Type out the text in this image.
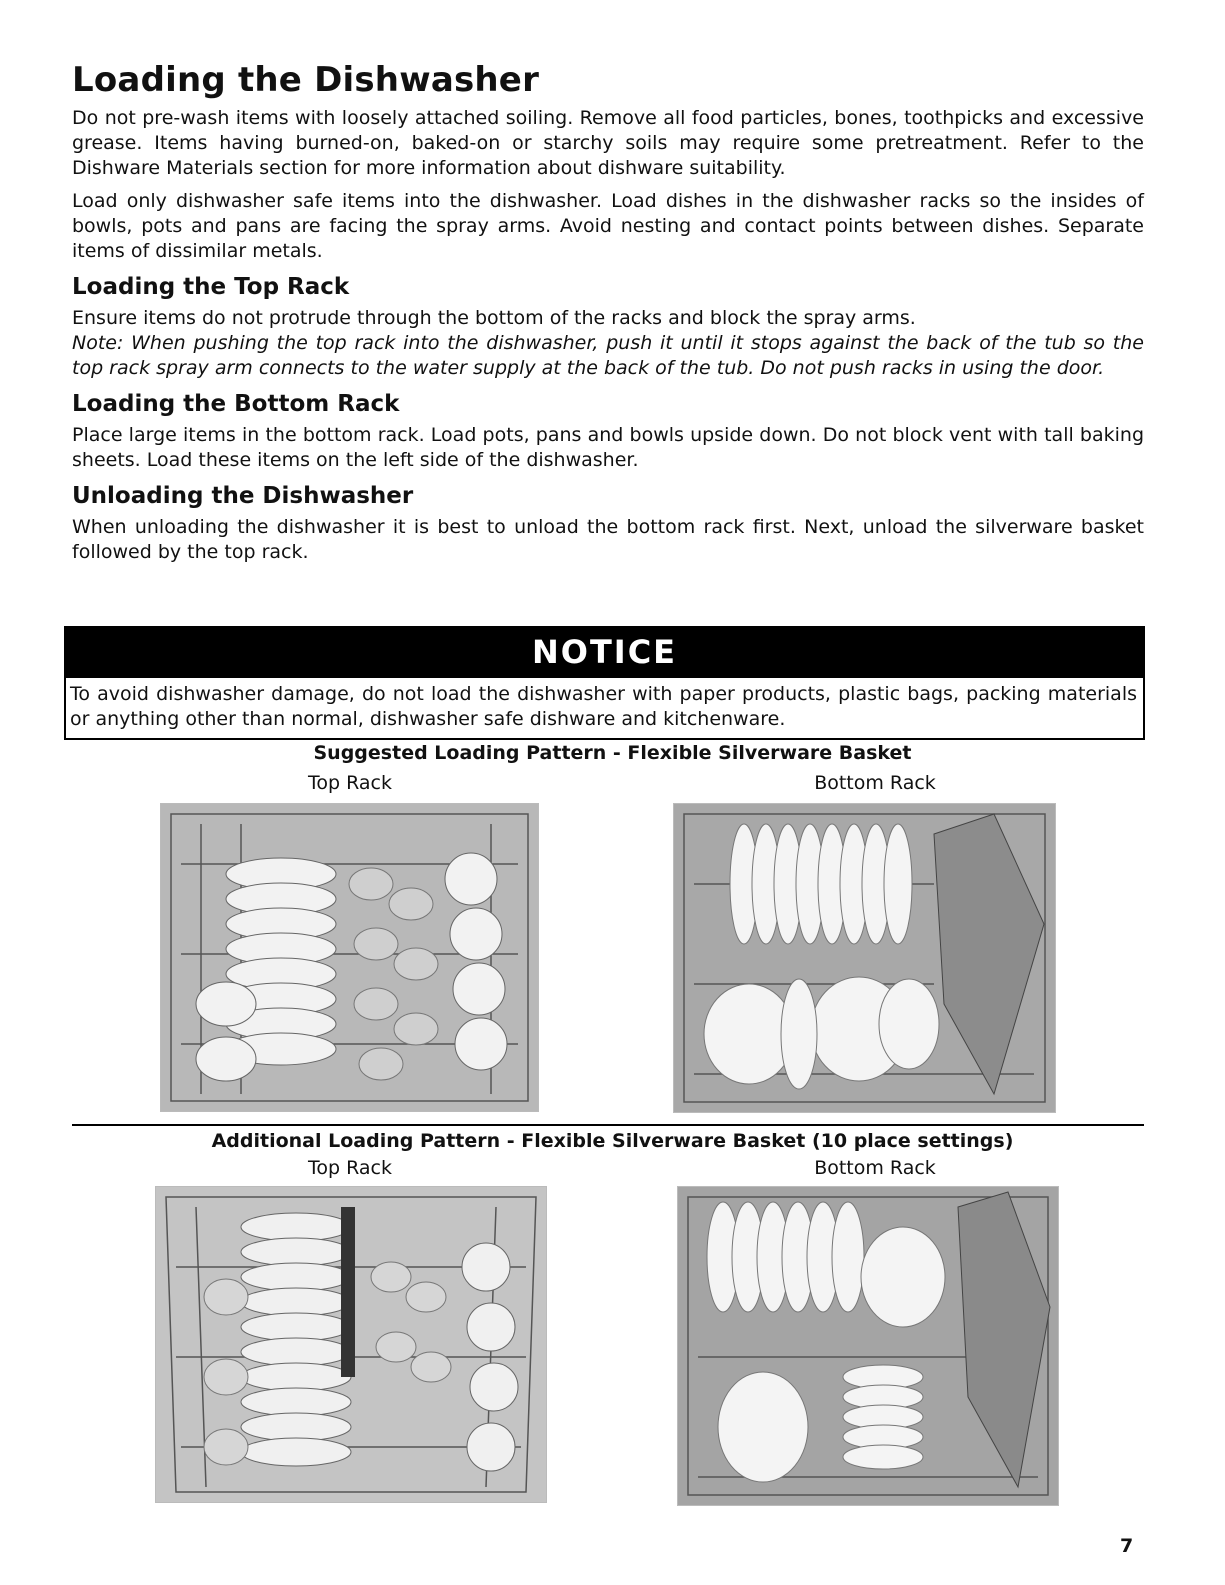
Loading the Dishwasher

Do not pre-wash items with loosely attached soiling. Remove all food particles, bones, toothpicks and excessive grease. Items having burned-on, baked-on or starchy soils may require some pretreatment. Refer to the Dishware Materials section for more information about dishware suitability.

Load only dishwasher safe items into the dishwasher. Load dishes in the dishwasher racks so the insides of bowls, pots and pans are facing the spray arms. Avoid nesting and contact points between dishes. Separate items of dissimilar metals.

Loading the Top Rack

Ensure items do not protrude through the bottom of the racks and block the spray arms.

Note: When pushing the top rack into the dishwasher, push it until it stops against the back of the tub so the top rack spray arm connects to the water supply at the back of the tub. Do not push racks in using the door.

Loading the Bottom Rack

Place large items in the bottom rack. Load pots, pans and bowls upside down. Do not block vent with tall baking sheets. Load these items on the left side of the dishwasher.

Unloading the Dishwasher

When unloading the dishwasher it is best to unload the bottom rack first. Next, unload the silverware basket followed by the top rack.

NOTICE
To avoid dishwasher damage, do not load the dishwasher with paper products, plastic bags, packing materials or anything other than normal, dishwasher safe dishware and kitchenware.
Suggested Loading Pattern - Flexible Silverware Basket
Top Rack	Bottom Rack
Additional Loading Pattern - Flexible Silverware Basket (10 place settings)
Top Rack	Bottom Rack
7
